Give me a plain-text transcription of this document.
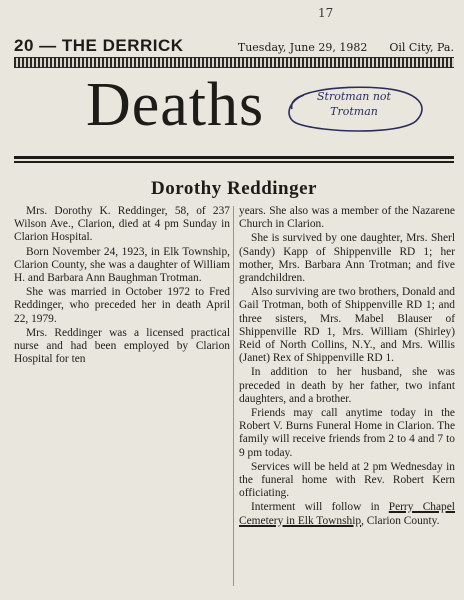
17
20 — THE DERRICK	Tuesday, June 29, 1982 Oil City, Pa.
Deaths	Strotman not
Trotman
Dorothy Reddinger

Mrs. Dorothy K. Reddinger, 58, of 237 Wilson Ave., Clarion, died at 4 pm Sunday in Clarion Hospital.

Born November 24, 1923, in Elk Township, Clarion County, she was a daughter of William H. and Barbara Ann Baughman Trotman.

She was married in October 1972 to Fred Reddinger, who preceded her in death April 22, 1979.

Mrs. Reddinger was a licensed practical nurse and had been employed by Clarion Hospital for ten

years. She also was a member of the Nazarene Church in Clarion.

She is survived by one daughter, Mrs. Sherl (Sandy) Kapp of Shippenville RD 1; her mother, Mrs. Barbara Ann Trotman; and five grandchildren.

Also surviving are two brothers, Donald and Gail Trotman, both of Shippenville RD 1; and three sisters, Mrs. Mabel Blauser of Shippenville RD 1, Mrs. William (Shirley) Reid of North Collins, N.Y., and Mrs. Willis (Janet) Rex of Shippenville RD 1.

In addition to her husband, she was preceded in death by her father, two infant daughters, and a brother.

Friends may call anytime today in the Robert V. Burns Funeral Home in Clarion. The family will receive friends from 2 to 4 and 7 to 9 pm today.

Services will be held at 2 pm Wednesday in the funeral home with Rev. Robert Kern officiating.

Interment will follow in Perry Chapel Cemetery in Elk Township, Clarion County.
